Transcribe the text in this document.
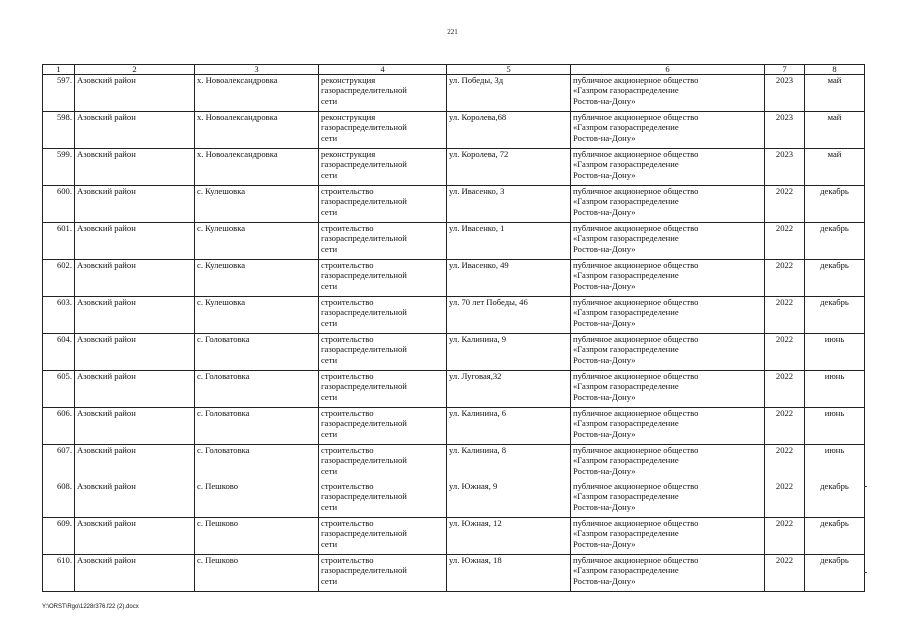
221
1	2	3	4	5	6	7	8
597.	Азовский район	х. Новоалександровка	реконструкция
газораспределительной
сети	ул. Победы, 3д	публичное акционерное общество
«Газпром газораспределение
Ростов-на-Дону»	2023	май
598.	Азовский район	х. Новоалександровка	реконструкция
газораспределительной
сети	ул. Королева,68	публичное акционерное общество
«Газпром газораспределение
Ростов-на-Дону»	2023	май
599.	Азовский район	х. Новоалександровка	реконструкция
газораспределительной
сети	ул. Королева, 72	публичное акционерное общество
«Газпром газораспределение
Ростов-на-Дону»	2023	май
600.	Азовский район	с. Кулешовка	строительство
газораспределительной
сети	ул. Ивасенко, 3	публичное акционерное общество
«Газпром газораспределение
Ростов-на-Дону»	2022	декабрь
601.	Азовский район	с. Кулешовка	строительство
газораспределительной
сети	ул. Ивасенко, 1	публичное акционерное общество
«Газпром газораспределение
Ростов-на-Дону»	2022	декабрь
602.	Азовский район	с. Кулешовка	строительство
газораспределительной
сети	ул. Ивасенко, 49	публичное акционерное общество
«Газпром газораспределение
Ростов-на-Дону»	2022	декабрь
603.	Азовский район	с. Кулешовка	строительство
газораспределительной
сети	ул. 70 лет Победы, 46	публичное акционерное общество
«Газпром газораспределение
Ростов-на-Дону»	2022	декабрь
604.	Азовский район	с. Головатовка	строительство
газораспределительной
сети	ул. Калинина, 9	публичное акционерное общество
«Газпром газораспределение
Ростов-на-Дону»	2022	июнь
605.	Азовский район	с. Головатовка	строительство
газораспределительной
сети	ул. Луговая,32	публичное акционерное общество
«Газпром газораспределение
Ростов-на-Дону»	2022	июнь
606.	Азовский район	с. Головатовка	строительство
газораспределительной
сети	ул. Калинина, 6	публичное акционерное общество
«Газпром газораспределение
Ростов-на-Дону»	2022	июнь
607.	Азовский район	с. Головатовка	строительство
газораспределительной
сети	ул. Калинина, 8	публичное акционерное общество
«Газпром газораспределение
Ростов-на-Дону»	2022	июнь
608.	Азовский район	с. Пешково	строительство
газораспределительной
сети	ул. Южная, 9	публичное акционерное общество
«Газпром газораспределение
Ростов-на-Дону»	2022	декабрь
609.	Азовский район	с. Пешково	строительство
газораспределительной
сети	ул. Южная, 12	публичное акционерное общество
«Газпром газораспределение
Ростов-на-Дону»	2022	декабрь
610.	Азовский район	с. Пешково	строительство
газораспределительной
сети	ул. Южная, 18	публичное акционерное общество
«Газпром газораспределение
Ростов-на-Дону»	2022	декабрь
Y:\ORST\Rgo\1228r376.f22 (2).docx
